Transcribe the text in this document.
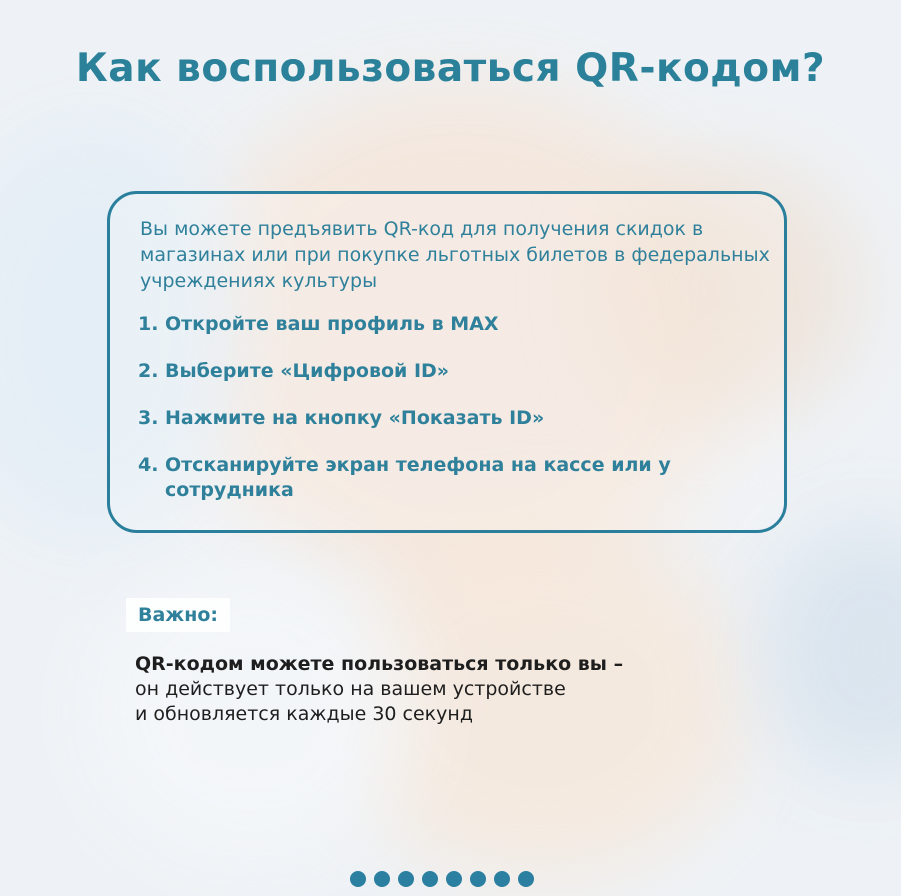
Как воспользоваться QR-кодом?

Вы можете предъявить QR-код для получения скидок в магазинах или при покупке льготных билетов в федеральных учреждениях культуры

1. Откройте ваш профиль в MAX
2. Выберите «Цифровой ID»
3. Нажмите на кнопку «Показать ID»
4. Отсканируйте экран телефона на кассе или у сотрудника
Важно:

QR-кодом можете пользоваться только вы –
он действует только на вашем устройстве
и обновляется каждые 30 секунд
